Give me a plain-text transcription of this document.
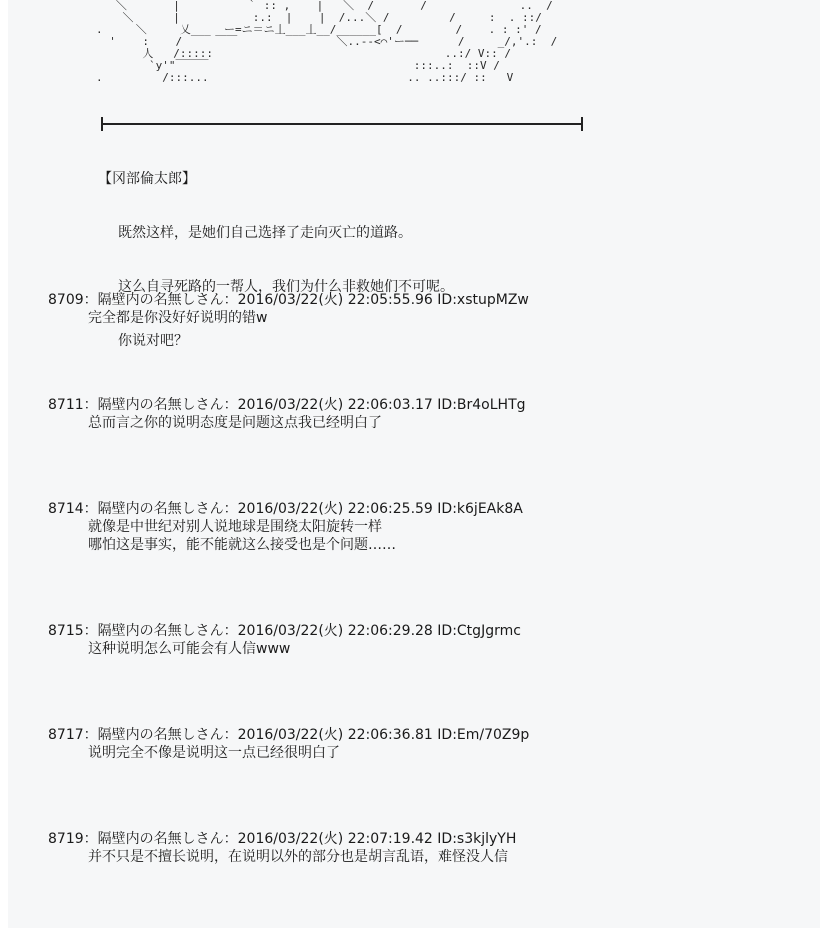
＼       |          ｀ :: ,    |   ＼  /￣￣￣  /              ..  /
＼      |           :.:  |    |  /...＼ /         /     :  . ::/
.     ＼     乂___  ー=ニ＝ニ丄___丄__/______[  /        /    . : :' /
'    :    /     ￣￣               ＼..--<⌒'ー──      /     _/,'.:  /
人   /:::::                                   ..:/ V:: /
`y'"￣￣￣                               :::..:  ::V /
.         /:::...                              .. ..:::/ ::   V

【冈部倫太郎】

既然这样，是她们自己选择了走向灭亡的道路。

这么自寻死路的一帮人，我们为什么非救她们不可呢。

你说对吧？

8709：隔壁内の名無しさん：2016/03/22(火) 22:05:55.96 ID:xstupMZw
完全都是你没好好说明的错w
8711：隔壁内の名無しさん：2016/03/22(火) 22:06:03.17 ID:Br4oLHTg
总而言之你的说明态度是问题这点我已经明白了
8714：隔壁内の名無しさん：2016/03/22(火) 22:06:25.59 ID:k6jEAk8A
就像是中世纪对别人说地球是围绕太阳旋转一样
哪怕这是事实，能不能就这么接受也是个问题……
8715：隔壁内の名無しさん：2016/03/22(火) 22:06:29.28 ID:CtgJgrmc
这种说明怎么可能会有人信www
8717：隔壁内の名無しさん：2016/03/22(火) 22:06:36.81 ID:Em/70Z9p
说明完全不像是说明这一点已经很明白了
8719：隔壁内の名無しさん：2016/03/22(火) 22:07:19.42 ID:s3kjlyYH
并不只是不擅长说明，在说明以外的部分也是胡言乱语，难怪没人信
